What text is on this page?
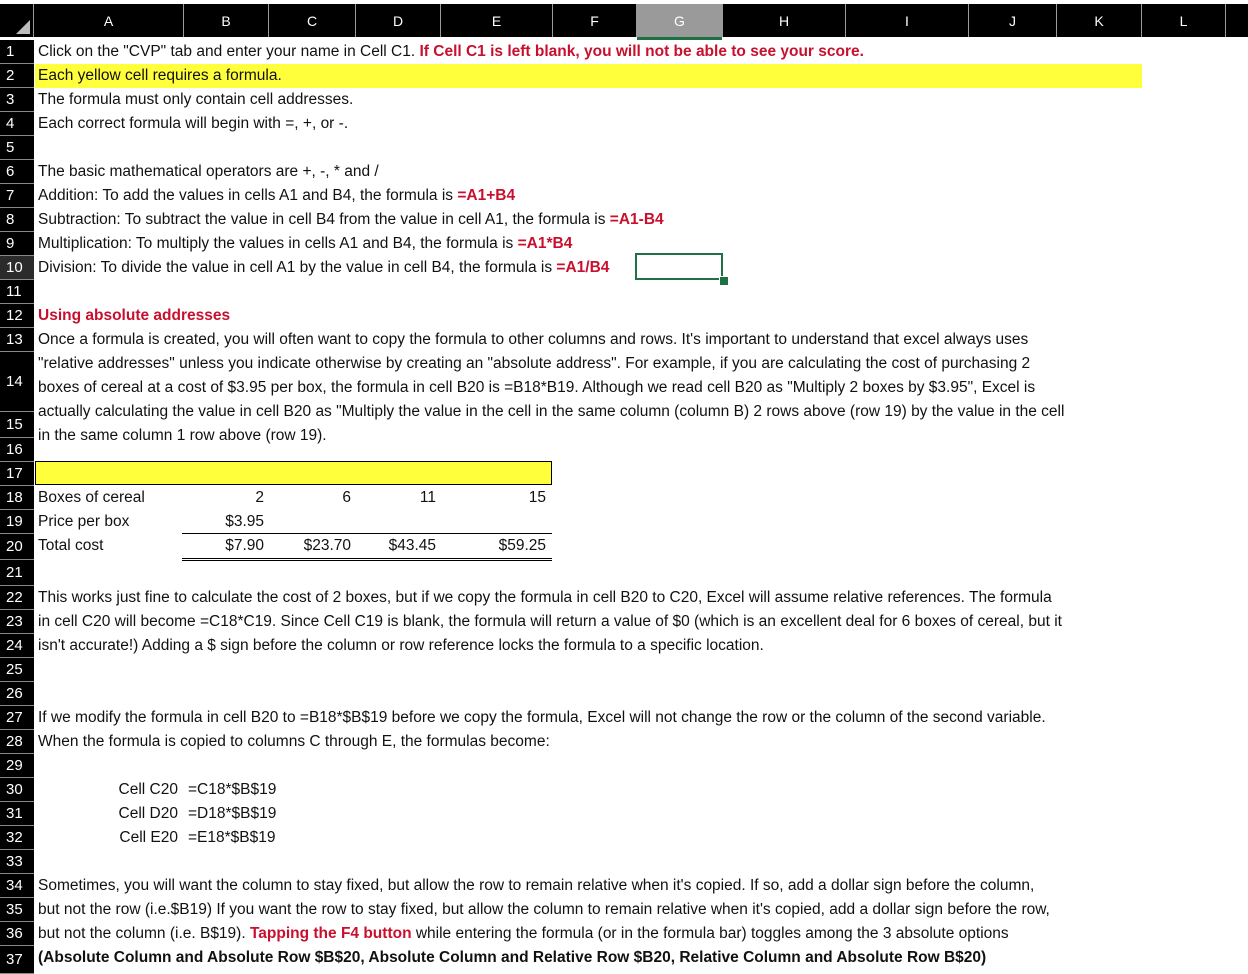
A	B	C	D	E	F	G	H	I	J	K	L
1
2
3
4
5
6
7
8
9
10
11
12
13
14
15
16
17
18
19
20
21
22
23
24
25
26
27
28
29
30
31
32
33
34
35
36
37
Click on the "CVP" tab and enter your name in Cell C1. If Cell C1 is left blank, you will not be able to see your score.
Each yellow cell requires a formula.
The formula must only contain cell addresses.
Each correct formula will begin with =, +, or -.
The basic mathematical operators are +, -, * and /
Addition: To add the values in cells A1 and B4, the formula is =A1+B4
Subtraction: To subtract the value in cell B4 from the value in cell A1, the formula is =A1-B4
Multiplication: To multiply the values in cells A1 and B4, the formula is =A1*B4
Division: To divide the value in cell A1 by the value in cell B4, the formula is =A1/B4
Using absolute addresses
Once a formula is created, you will often want to copy the formula to other columns and rows. It's important to understand that excel always uses
"relative addresses" unless you indicate otherwise by creating an "absolute address". For example, if you are calculating the cost of purchasing 2
boxes of cereal at a cost of $3.95 per box, the formula in cell B20 is =B18*B19. Although we read cell B20 as "Multiply 2 boxes by $3.95", Excel is
actually calculating the value in cell B20 as "Multiply the value in the cell in the same column (column B) 2 rows above (row 19) by the value in the cell
in the same column 1 row above (row 19).
Boxes of cereal	2	6	11	15
Price per box	$3.95
Total cost	$7.90	$23.70	$43.45	$59.25
This works just fine to calculate the cost of 2 boxes, but if we copy the formula in cell B20 to C20, Excel will assume relative references. The formula
in cell C20 will become =C18*C19. Since Cell C19 is blank, the formula will return a value of $0 (which is an excellent deal for 6 boxes of cereal, but it
isn't accurate!) Adding a $ sign before the column or row reference locks the formula to a specific location.
If we modify the formula in cell B20 to =B18*$B$19 before we copy the formula, Excel will not change the row or the column of the second variable.
When the formula is copied to columns C through E, the formulas become:
Cell C20 =C18*$B$19
Cell D20 =D18*$B$19
Cell E20 =E18*$B$19
Sometimes, you will want the column to stay fixed, but allow the row to remain relative when it's copied. If so, add a dollar sign before the column,
but not the row (i.e.$B19) If you want the row to stay fixed, but allow the column to remain relative when it's copied, add a dollar sign before the row,
but not the column (i.e. B$19). Tapping the F4 button while entering the formula (or in the formula bar) toggles among the 3 absolute options
(Absolute Column and Absolute Row $B$20, Absolute Column and Relative Row $B20, Relative Column and Absolute Row B$20)
